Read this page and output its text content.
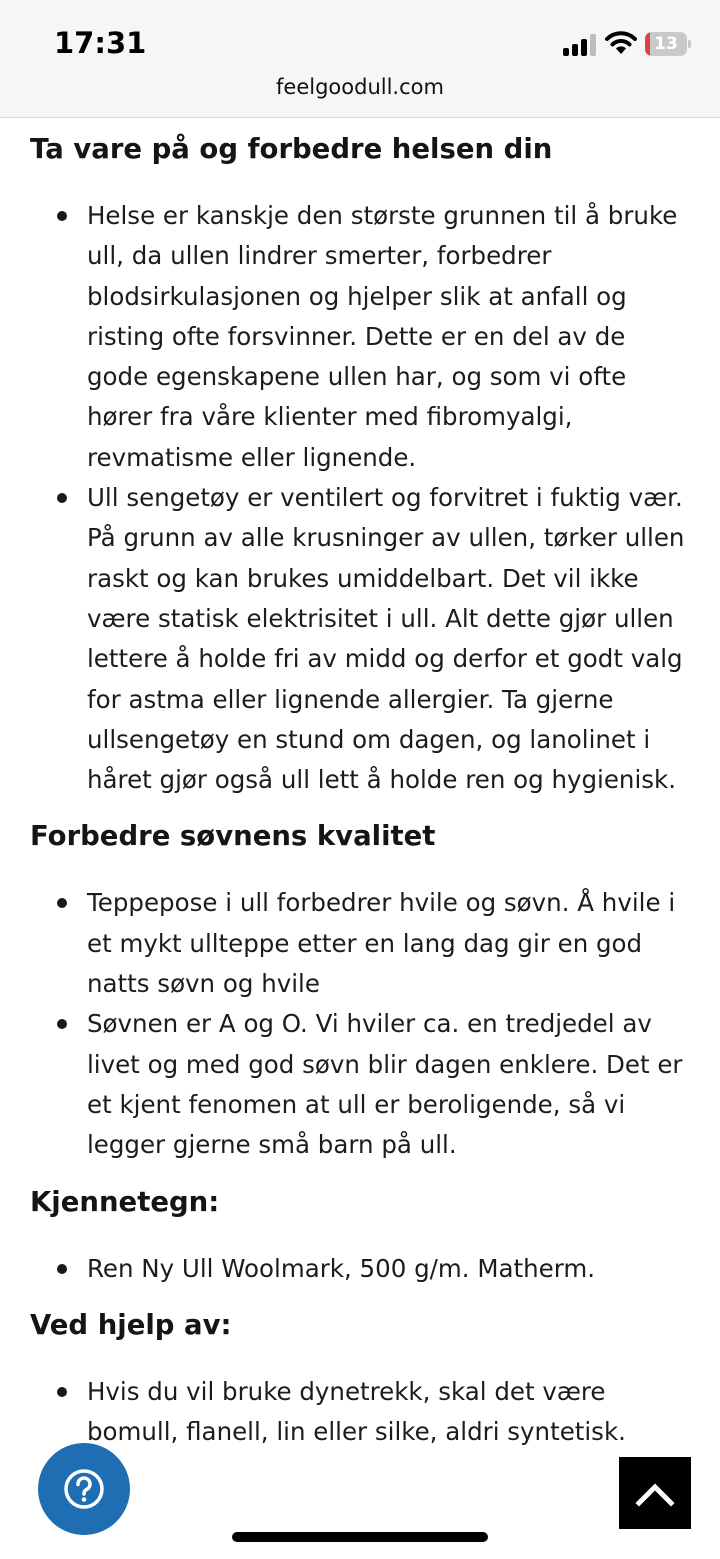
17:31	13
feelgoodull.com
Ta vare på og forbedre helsen din
Helse er kanskje den største grunnen til å bruke ull, da ullen lindrer smerter, forbedrer blodsirkulasjonen og hjelper slik at anfall og risting ofte forsvinner. Dette er en del av de gode egenskapene ullen har, og som vi ofte hører fra våre klienter med fibromyalgi, revmatisme eller lignende.
Ull sengetøy er ventilert og forvitret i fuktig vær. På grunn av alle krusninger av ullen, tørker ullen raskt og kan brukes umiddelbart. Det vil ikke være statisk elektrisitet i ull. Alt dette gjør ullen lettere å holde fri av midd og derfor et godt valg for astma eller lignende allergier. Ta gjerne ullsengetøy en stund om dagen, og lanolinet i håret gjør også ull lett å holde ren og hygienisk.
Forbedre søvnens kvalitet
Teppepose i ull forbedrer hvile og søvn. Å hvile i et mykt ullteppe etter en lang dag gir en god natts søvn og hvile
Søvnen er A og O. Vi hviler ca. en tredjedel av livet og med god søvn blir dagen enklere. Det er et kjent fenomen at ull er beroligende, så vi legger gjerne små barn på ull.
Kjennetegn:
Ren Ny Ull Woolmark, 500 g/m. Matherm.
Ved hjelp av:
Hvis du vil bruke dynetrekk, skal det være bomull, flanell, lin eller silke, aldri syntetisk.
